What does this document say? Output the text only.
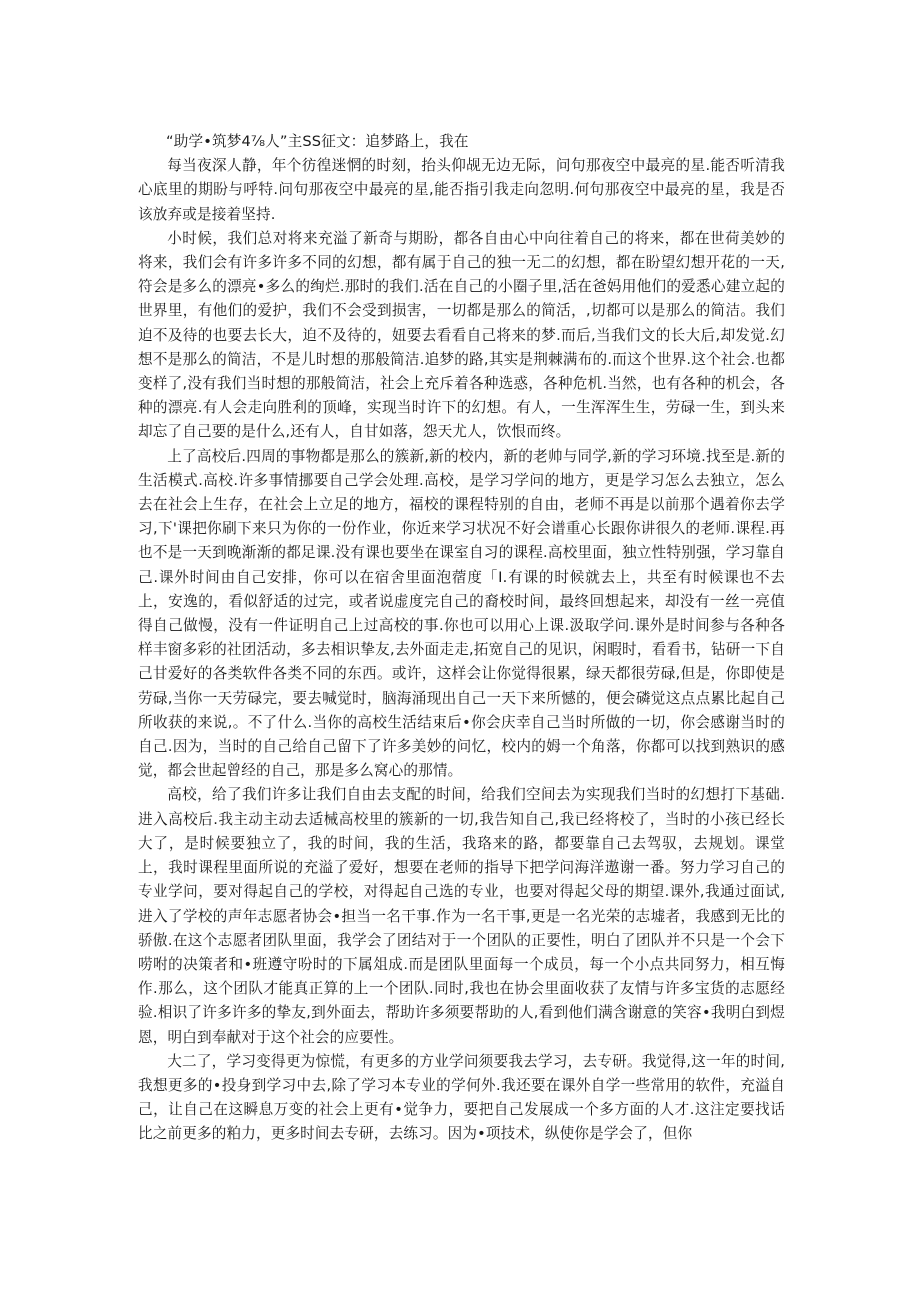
“助学•筑梦4⅞人”主SS征文：追梦路上，我在

每当夜深人静，年个彷徨迷惘的时刻，抬头仰觇无边无际，问句那夜空中最亮的星.能否听清我心底里的期盼与呼特.问句那夜空中最亮的星,能否指引我走向忽明.何句那夜空中最亮的星，我是否该放弃或是接着坚持.

小时候，我们总对将来充溢了新奇与期盼，都各自由心中向往着自己的将来，都在世荷美妙的将来，我们会有许多许多不同的幻想，都有属于自己的独一无二的幻想，都在盼望幻想开花的一天,符会是多么的漂亮•多么的绚烂.那时的我们.活在自己的小圈子里,活在爸妈用他们的爱悉心建立起的世界里，有他们的爱护，我们不会受到损害，一切都是那么的简活，,切都可以是那么的简洁。我们迫不及待的也要去长大，迫不及待的，妞要去看看自己将来的梦.而后,当我们文的长大后,却发觉.幻想不是那么的简洁，不是儿时想的那般简洁.追梦的路,其实是荆棘满布的.而这个世界.这个社会.也都变样了,没有我们当时想的那般简洁，社会上充斥着各种选惑，各种危机.当然，也有各种的机会，各种的漂亮.有人会走向胜利的顶峰，实现当时许下的幻想。有人，一生浑浑生生，劳碌一生，到头来却忘了自己要的是什么,还有人，自甘如落，怨天尤人，饮恨而终。

上了高校后.四周的事物都是那么的簇新,新的校内，新的老帅与同学,新的学习环境.找至是.新的生活模式.高校.许多事情挪要自己学会处理.高校，是学习学问的地方，更是学习怎么去独立，怎么去在社会上生存，在社会上立足的地方，福校的课程特别的自由，老师不再是以前那个遇着你去学习,下'课把你刷下来只为你的一份作业，你近来学习状况不好会谱重心长跟你讲很久的老师.课程.再也不是一天到晚渐渐的都足课.没有课也要坐在课室自习的课程.高校里面，独立性特别强，学习靠自己.课外时间由自己安排，你可以在宿舍里面泡蓿度「I.有课的时候就去上，共至有时候课也不去上，安逸的，看似舒适的过完，或者说虚度完自己的裔校时间，最终回想起来，却没有一丝一亮值得自己做慢，没有一件证明自己上过高校的事.你也可以用心上课.汲取学问.课外是时间参与各种各样丰窗多彩的社团活动，多去相识挚友,去外面走走,拓宽自己的见识，闲暇时，看看书，钻研一下自己甘爱好的各类软件各类不同的东西。或许，这样会让你觉得很累，绿天都很劳碌,但是，你即使是劳碌,当你一天劳碌完，要去喊觉时，脑海涌现出自己一天下来所憾的，便会磷觉这点点累比起自己所收获的来说,。不了什么.当你的高校生活结束后•你会庆幸自己当时所做的一切，你会感谢当时的自己.因为，当时的自己给自己留下了许多美妙的问忆，校内的姆一个角落，你都可以找到熟识的感觉，都会世起曾经的自己，那是多么窝心的那情。

高校，给了我们许多让我们自由去支配的时间，给我们空间去为实现我们当时的幻想打下基础.进入高校后.我主动主动去适械高校里的簇新的一切,我告知自己,我已经将校了，当时的小孩已经长大了，是时候要独立了，我的时间，我的生活，我珞来的路，都要靠自己去驾驭，去规划。课堂上，我时课程里面所说的充溢了爱好，想要在老师的指导下把学问海洋遨谢一番。努力学习自己的专业学问，要对得起自己的学校，对得起自己选的专业，也要对得起父母的期望.课外,我通过面试,进入了学校的声年志愿者协会•担当一名干事.作为一名干事,更是一名光荣的志墟者，我感到无比的骄傲.在这个志愿者团队里面，我学会了团结对于一个团队的正要性，明白了团队并不只是一个会下唠咐的决策者和•班遵守吩时的下属俎成.而是团队里面每一个成员，每一个小点共同努力，相互悔作.那么，这个团队才能真正算的上一个团队.同时,我也在协会里面收获了友情与许多宝货的志愿经验.相识了许多许多的挚友,到外面去，帮助许多须要帮助的人,看到他们满含谢意的笑容•我明白到煜恩，明白到奉献对于这个社会的应要性。

大二了，学习变得更为惊慌，有更多的方业学问须要我去学习，去专研。我觉得,这一年的时间,我想更多的•投身到学习中去,除了学习本专业的学何外.我还要在课外自学一些常用的软件，充溢自己，让自己在这瞬息万变的社会上更有•觉争力，要把自己发展成一个多方面的人才.这注定要找话比之前更多的粕力，更多时间去专研，去练习。因为•项技术，纵使你是学会了，但你
